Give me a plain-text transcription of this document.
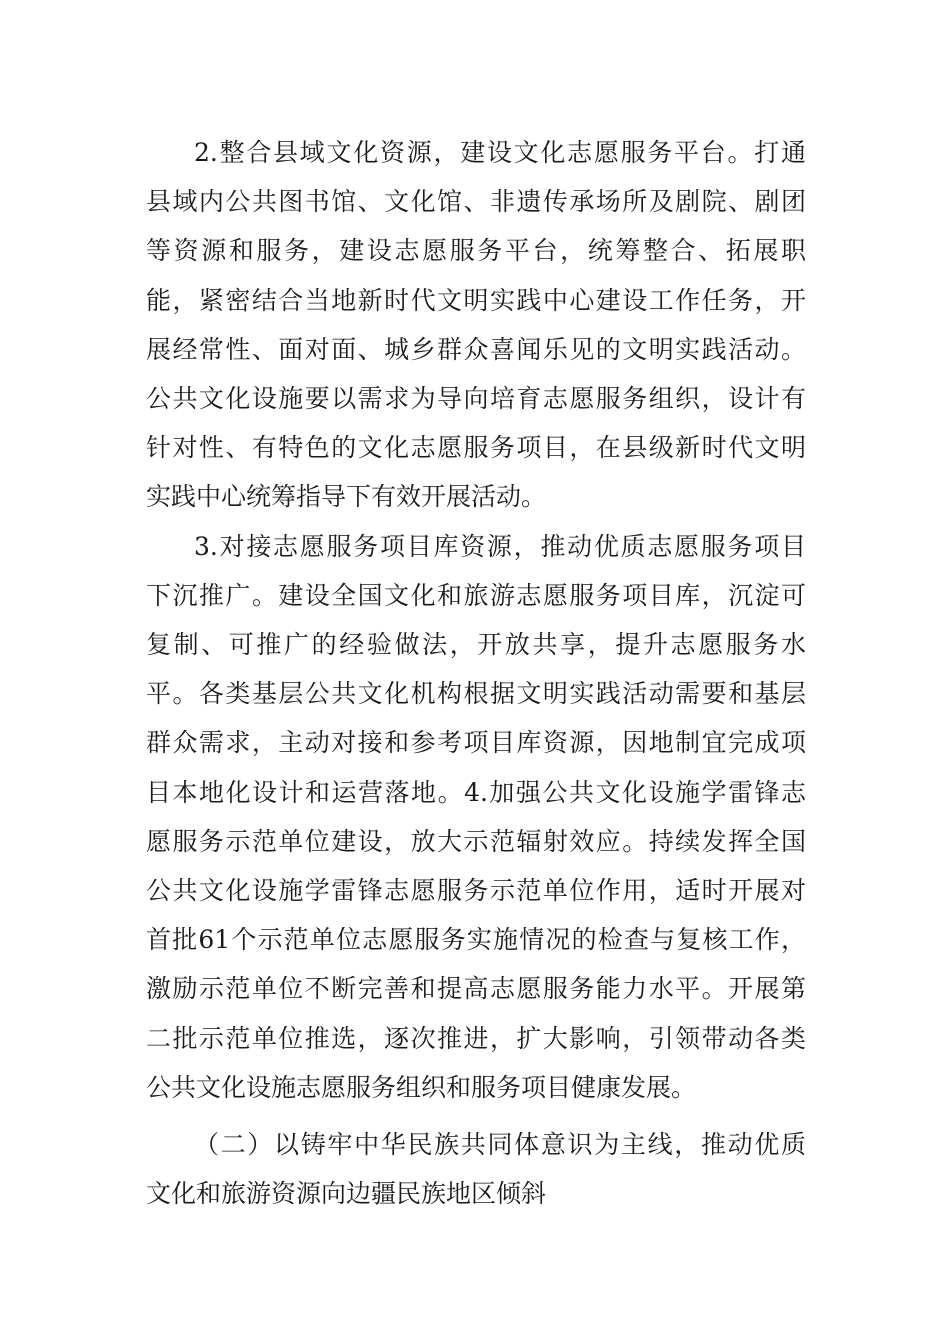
2.整合县域文化资源，建设文化志愿服务平台。打通
县域内公共图书馆、文化馆、非遗传承场所及剧院、剧团
等资源和服务，建设志愿服务平台，统筹整合、拓展职
能，紧密结合当地新时代文明实践中心建设工作任务，开
展经常性、面对面、城乡群众喜闻乐见的文明实践活动。
公共文化设施要以需求为导向培育志愿服务组织，设计有
针对性、有特色的文化志愿服务项目，在县级新时代文明
实践中心统筹指导下有效开展活动。
3.对接志愿服务项目库资源，推动优质志愿服务项目
下沉推广。建设全国文化和旅游志愿服务项目库，沉淀可
复制、可推广的经验做法，开放共享，提升志愿服务水
平。各类基层公共文化机构根据文明实践活动需要和基层
群众需求，主动对接和参考项目库资源，因地制宜完成项
目本地化设计和运营落地。4.加强公共文化设施学雷锋志
愿服务示范单位建设，放大示范辐射效应。持续发挥全国
公共文化设施学雷锋志愿服务示范单位作用，适时开展对
首批61个示范单位志愿服务实施情况的检查与复核工作，
激励示范单位不断完善和提高志愿服务能力水平。开展第
二批示范单位推选，逐次推进，扩大影响，引领带动各类
公共文化设施志愿服务组织和服务项目健康发展。
（二）以铸牢中华民族共同体意识为主线，推动优质
文化和旅游资源向边疆民族地区倾斜
